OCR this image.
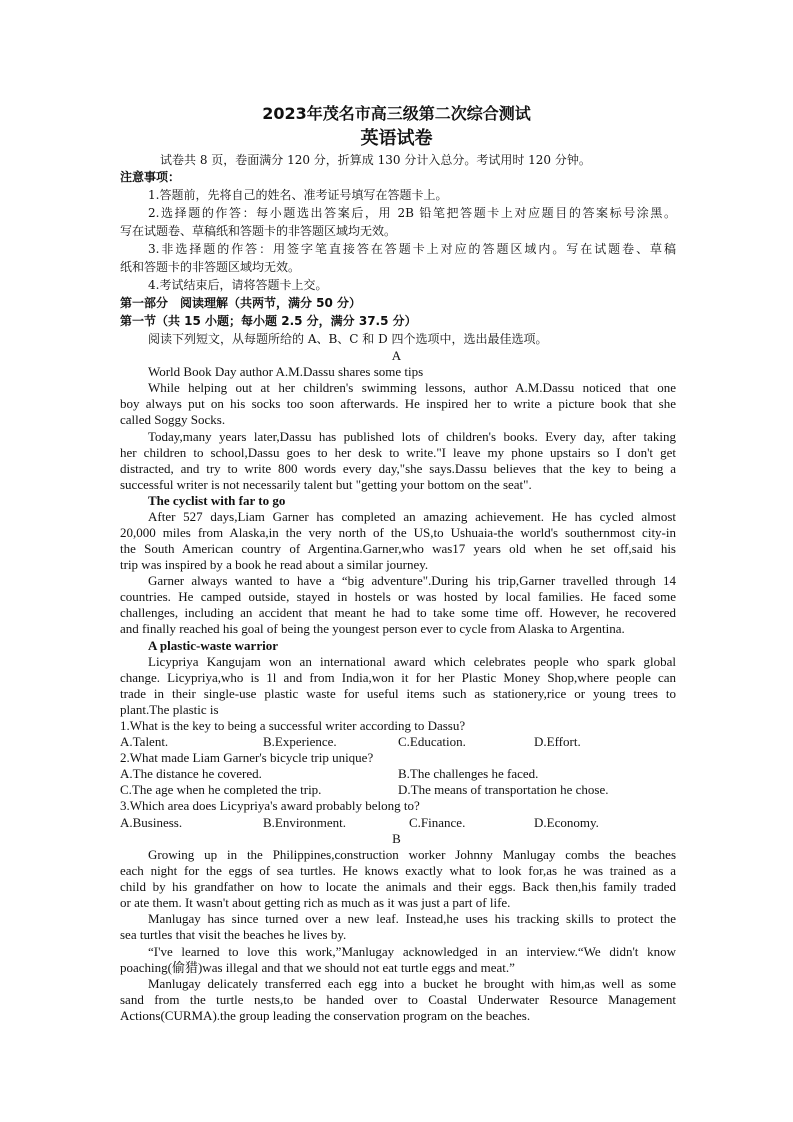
2023年茂名市高三级第二次综合测试
英语试卷
试卷共 8 页，卷面满分 120 分，折算成 130 分计入总分。考试用时 120 分钟。
注意事项：
1.答题前，先将自己的姓名、准考证号填写在答题卡上。
2.选择题的作答：每小题选出答案后，用 2B 铅笔把答题卡上对应题目的答案标号涂黑。
写在试题卷、草稿纸和答题卡的非答题区域均无效。
3.非选择题的作答：用签字笔直接答在答题卡上对应的答题区域内。写在试题卷、草稿
纸和答题卡的非答题区域均无效。
4.考试结束后，请将答题卡上交。
第一部分　阅读理解（共两节，满分 50 分）
第一节（共 15 小题；每小题 2.5 分，满分 37.5 分）
阅读下列短文，从每题所给的 A、B、C 和 D 四个选项中，选出最佳选项。
A
World Book Day author A.M.Dassu shares some tips
While helping out at her children's swimming lessons, author A.M.Dassu noticed that one
boy always put on his socks too soon afterwards. He inspired her to write a picture book that she
called Soggy Socks.
Today,many years later,Dassu has published lots of children's books. Every day, after taking
her children to school,Dassu goes to her desk to write."I leave my phone upstairs so I don't get
distracted, and try to write 800 words every day,"she says.Dassu believes that the key to being a
successful writer is not necessarily talent but "getting your bottom on the seat".
The cyclist with far to go
After 527 days,Liam Garner has completed an amazing achievement. He has cycled almost
20,000 miles from Alaska,in the very north of the US,to Ushuaia-the world's southernmost city-in
the South American country of Argentina.Garner,who was17 years old when he set off,said his
trip was inspired by a book he read about a similar journey.
Garner always wanted to have a “big adventure".During his trip,Garner travelled through 14
countries. He camped outside, stayed in hostels or was hosted by local families. He faced some
challenges, including an accident that meant he had to take some time off. However, he recovered
and finally reached his goal of being the youngest person ever to cycle from Alaska to Argentina.
A plastic-waste warrior
Licypriya Kangujam won an international award which celebrates people who spark global
change. Licypriya,who is 1l and from India,won it for her Plastic Money Shop,where people can
trade in their single-use plastic waste for useful items such as stationery,rice or young trees to
plant.The plastic is
1.What is the key to being a successful writer according to Dassu?
A.Talent.	B.Experience.	C.Education.	D.Effort.
2.What made Liam Garner's bicycle trip unique?
A.The distance he covered.	B.The challenges he faced.
C.The age when he completed the trip.	D.The means of transportation he chose.
3.Which area does Licypriya's award probably belong to?
A.Business.	B.Environment.	C.Finance.	D.Economy.
B
Growing up in the Philippines,construction worker Johnny Manlugay combs the beaches
each night for the eggs of sea turtles. He knows exactly what to look for,as he was trained as a
child by his grandfather on how to locate the animals and their eggs. Back then,his family traded
or ate them. It wasn't about getting rich as much as it was just a part of life.
Manlugay has since turned over a new leaf. Instead,he uses his tracking skills to protect the
sea turtles that visit the beaches he lives by.
“I've learned to love this work,”Manlugay acknowledged in an interview.“We didn't know
poaching(偷猎)was illegal and that we should not eat turtle eggs and meat.”
Manlugay delicately transferred each egg into a bucket he brought with him,as well as some
sand from the turtle nests,to be handed over to Coastal Underwater Resource Management
Actions(CURMA).the group leading the conservation program on the beaches.
